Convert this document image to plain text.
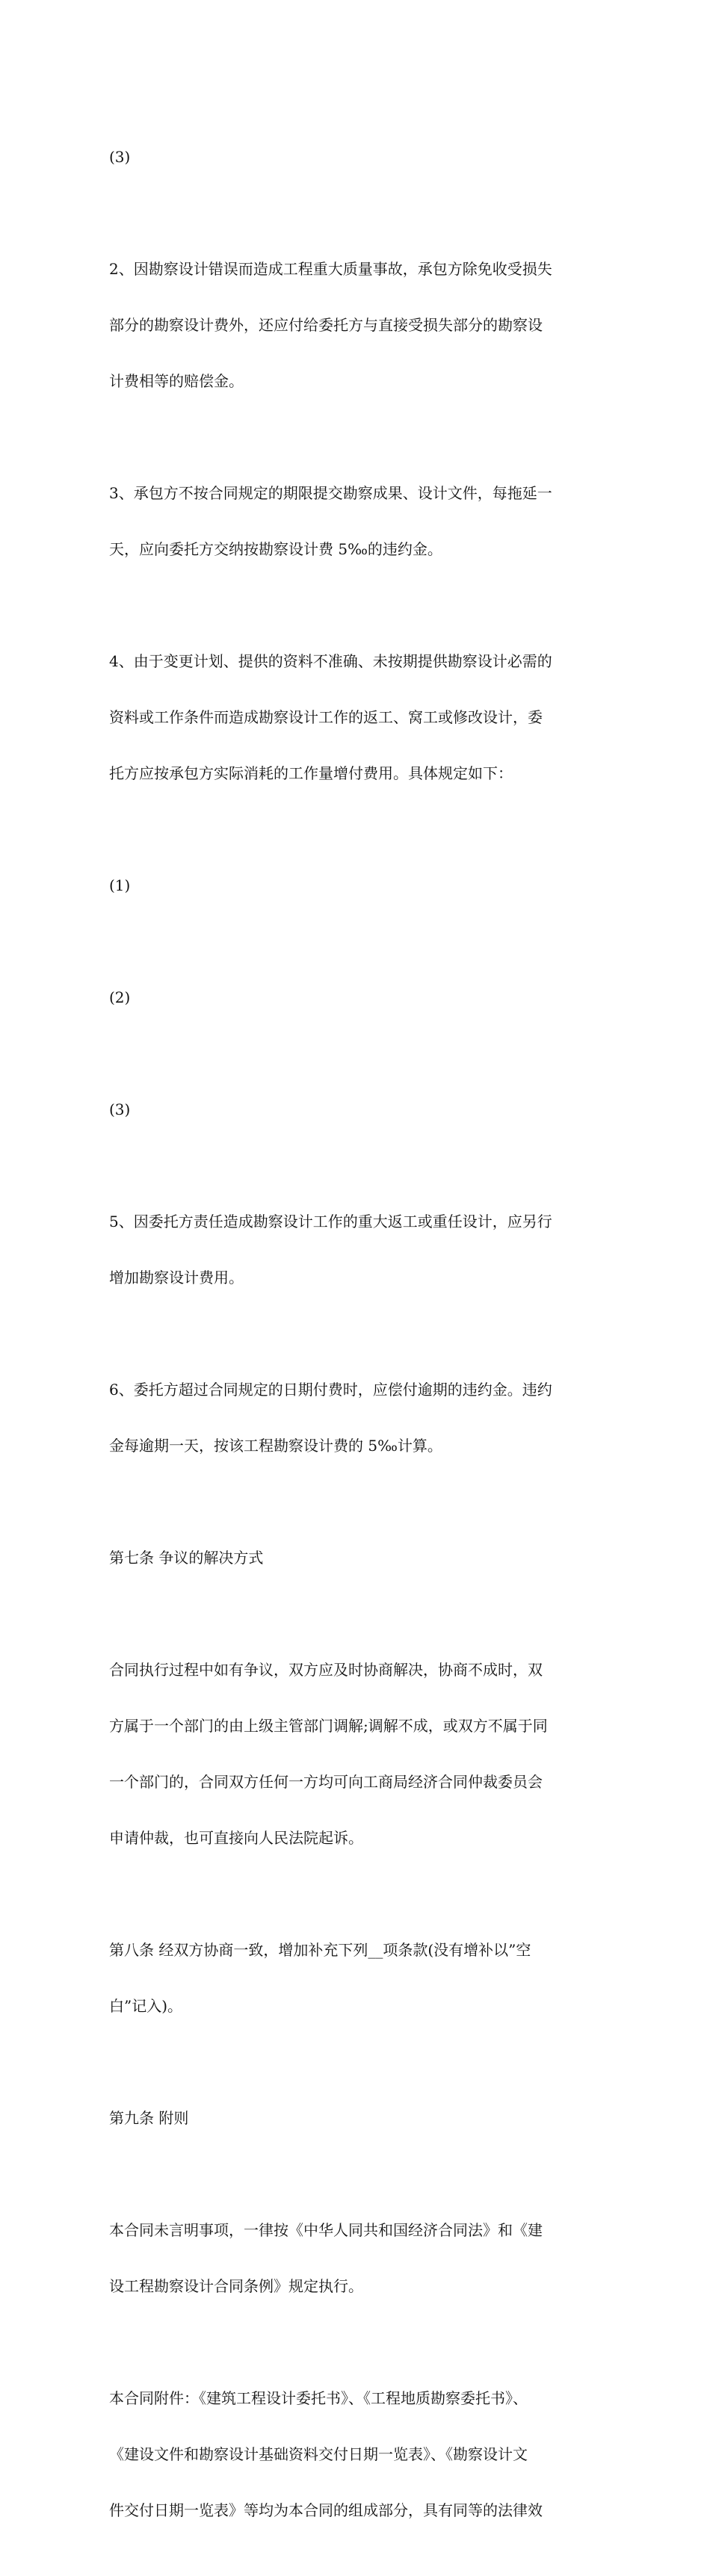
(3)

2、因勘察设计错误而造成工程重大质量事故，承包方除免收受损失

部分的勘察设计费外，还应付给委托方与直接受损失部分的勘察设

计费相等的赔偿金。

3、承包方不按合同规定的期限提交勘察成果、设计文件，每拖延一

天，应向委托方交纳按勘察设计费 5‰的违约金。

4、由于变更计划、提供的资料不准确、未按期提供勘察设计必需的

资料或工作条件而造成勘察设计工作的返工、窝工或修改设计，委

托方应按承包方实际消耗的工作量增付费用。具体规定如下：

(1)

(2)

(3)

5、因委托方责任造成勘察设计工作的重大返工或重任设计，应另行

增加勘察设计费用。

6、委托方超过合同规定的日期付费时，应偿付逾期的违约金。违约

金每逾期一天，按该工程勘察设计费的 5‰计算。

第七条 争议的解决方式

合同执行过程中如有争议，双方应及时协商解决，协商不成时，双

方属于一个部门的由上级主管部门调解;调解不成，或双方不属于同

一个部门的，合同双方任何一方均可向工商局经济合同仲裁委员会

申请仲裁，也可直接向人民法院起诉。

第八条 经双方协商一致，增加补充下列__项条款(没有增补以”空

白”记入)。

第九条 附则

本合同未言明事项，一律按《中华人同共和国经济合同法》和《建

设工程勘察设计合同条例》规定执行。

本合同附件：《建筑工程设计委托书》、《工程地质勘察委托书》、

《建设文件和勘察设计基础资料交付日期一览表》、《勘察设计文

件交付日期一览表》等均为本合同的组成部分，具有同等的法律效
